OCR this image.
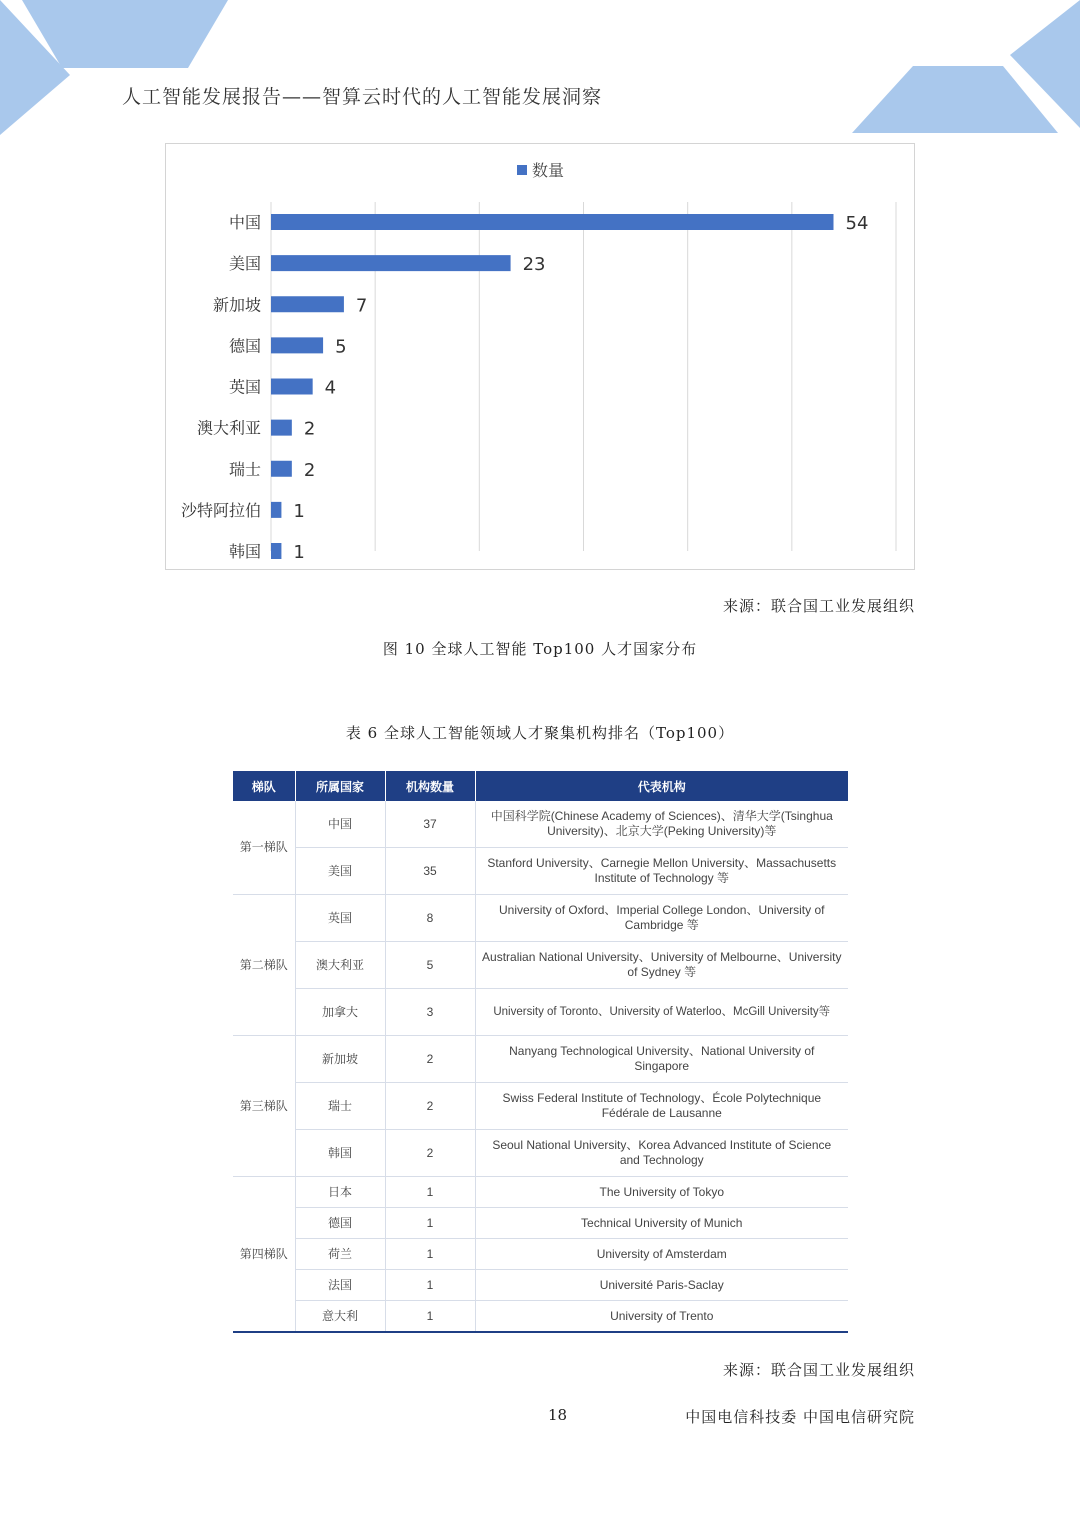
人工智能发展报告——智算云时代的人工智能发展洞察
数量
中国	54
美国	23
新加坡	7
德国	5
英国	4
澳大利亚 2
瑞士 2
沙特阿拉伯 1
韩国 1
来源：联合国工业发展组织
图 10 全球人工智能 Top100 人才国家分布
表 6 全球人工智能领域人才聚集机构排名（Top100）
梯队	所属国家	机构数量	代表机构
第一梯队	中国	37	中国科学院(Chinese Academy of Sciences)、清华大学(Tsinghua University)、北京大学(Peking University)等
	美国	35	Stanford University、Carnegie Mellon University、Massachusetts Institute of Technology 等
第二梯队	英国	8	University of Oxford、Imperial College London、University of Cambridge 等
	澳大利亚	5	Australian National University、University of Melbourne、University of Sydney 等
	加拿大	3	University of Toronto、University of Waterloo、McGill University等
第三梯队	新加坡	2	Nanyang Technological University、National University of Singapore
	瑞士	2	Swiss Federal Institute of Technology、École Polytechnique Fédérale de Lausanne
	韩国	2	Seoul National University、Korea Advanced Institute of Science and Technology
第四梯队	日本	1	The University of Tokyo
	德国	1	Technical University of Munich
	荷兰	1	University of Amsterdam
	法国	1	Université Paris-Saclay
	意大利	1	University of Trento
来源：联合国工业发展组织
18	中国电信科技委 中国电信研究院
